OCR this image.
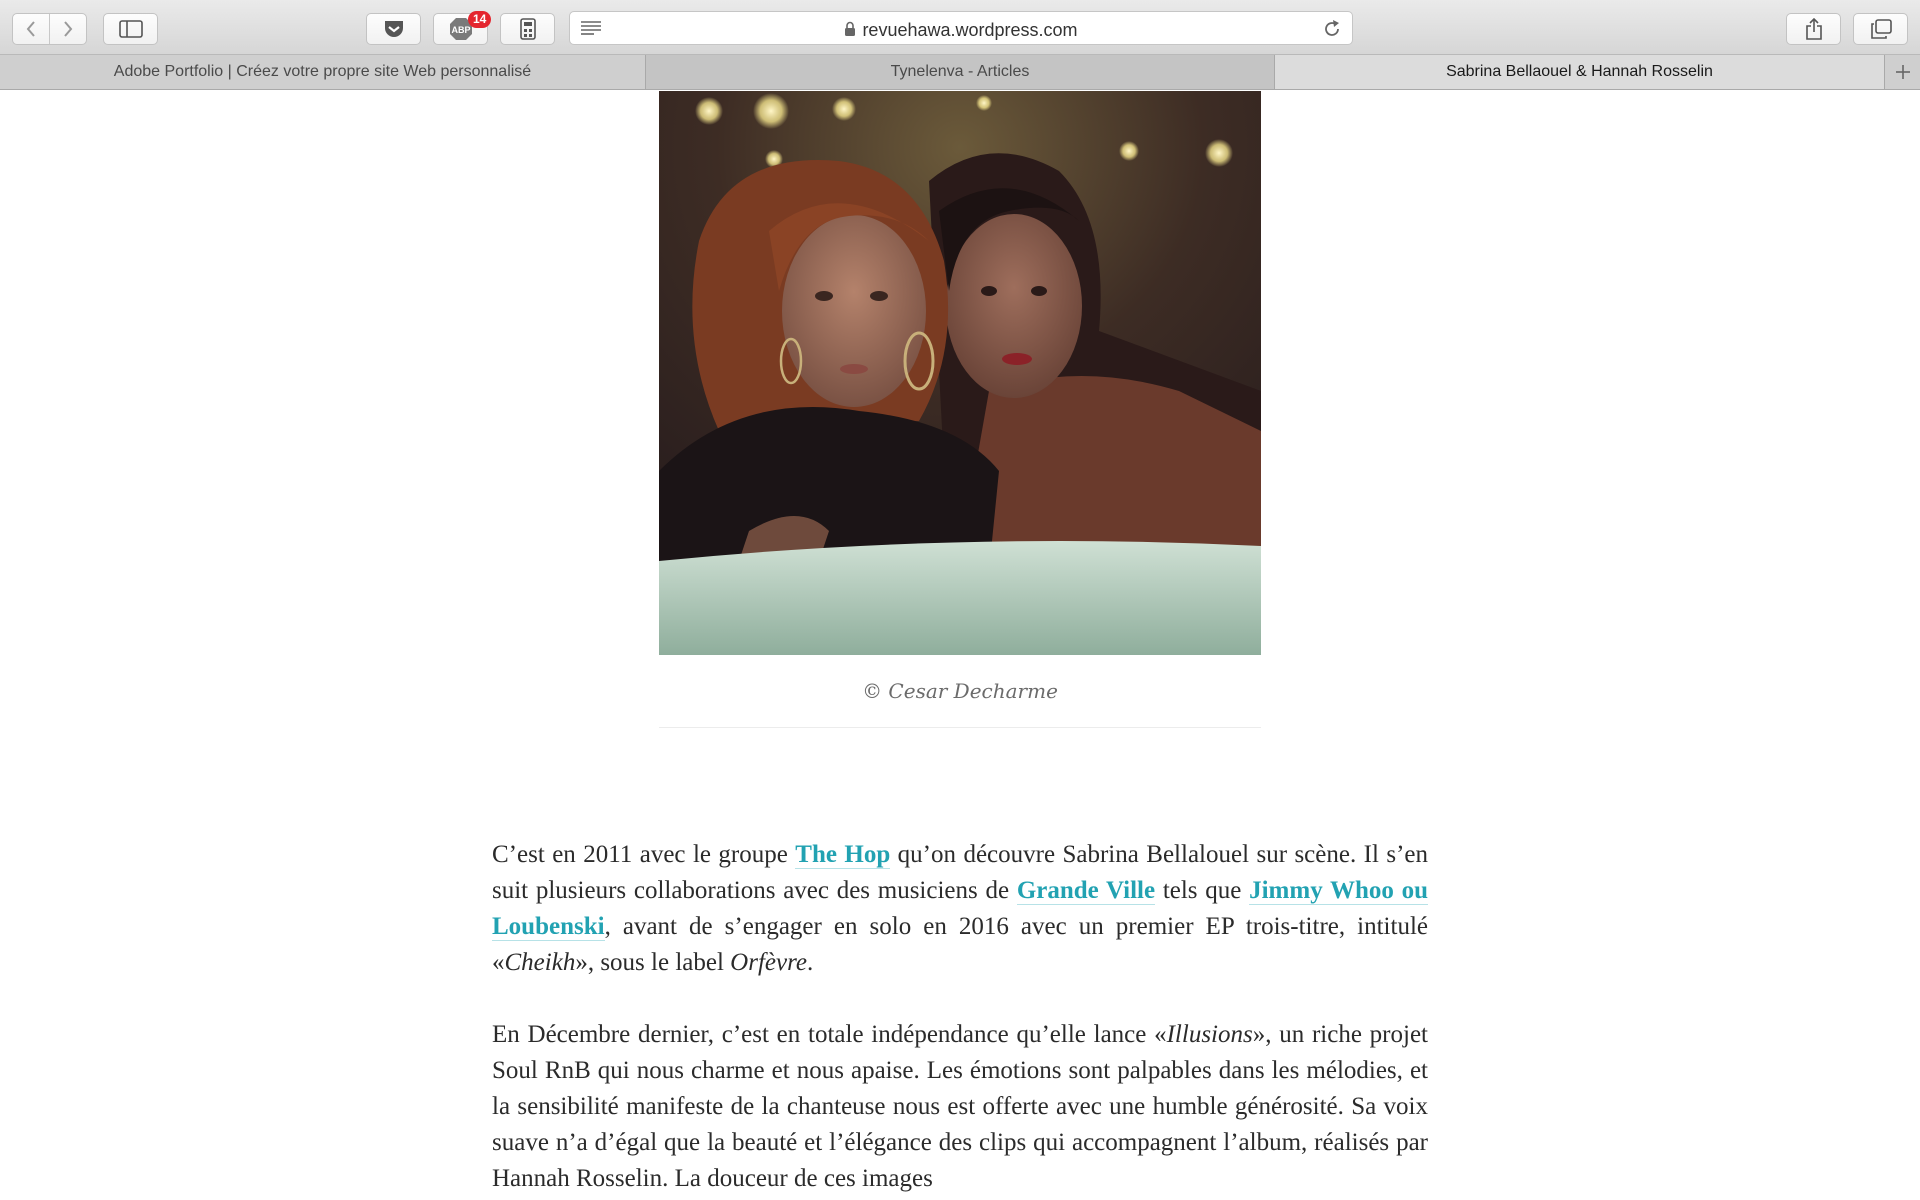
ABP
14
revuehawa.wordpress.com
Adobe Portfolio | Créez votre propre site Web personnalisé	Tynelenva - Articles	Sabrina Bellaouel & Hannah Rosselin
© Cesar Decharme

C’est en 2011 avec le groupe The Hop qu’on découvre Sabrina Bellalouel sur scène. Il s’en suit plusieurs collaborations avec des musiciens de Grande Ville tels que Jimmy Whoo ou Loubenski, avant de s’engager en solo en 2016 avec un premier EP trois-titre, intitulé «Cheikh», sous le label Orfèvre.

En Décembre dernier, c’est en totale indépendance qu’elle lance «Illusions», un riche projet Soul RnB qui nous charme et nous apaise. Les émotions sont palpables dans les mélodies, et la sensibilité manifeste de la chanteuse nous est offerte avec une humble générosité. Sa voix suave n’a d’égal que la beauté et l’élégance des clips qui accompagnent l’album, réalisés par Hannah Rosselin. La douceur de ces images
